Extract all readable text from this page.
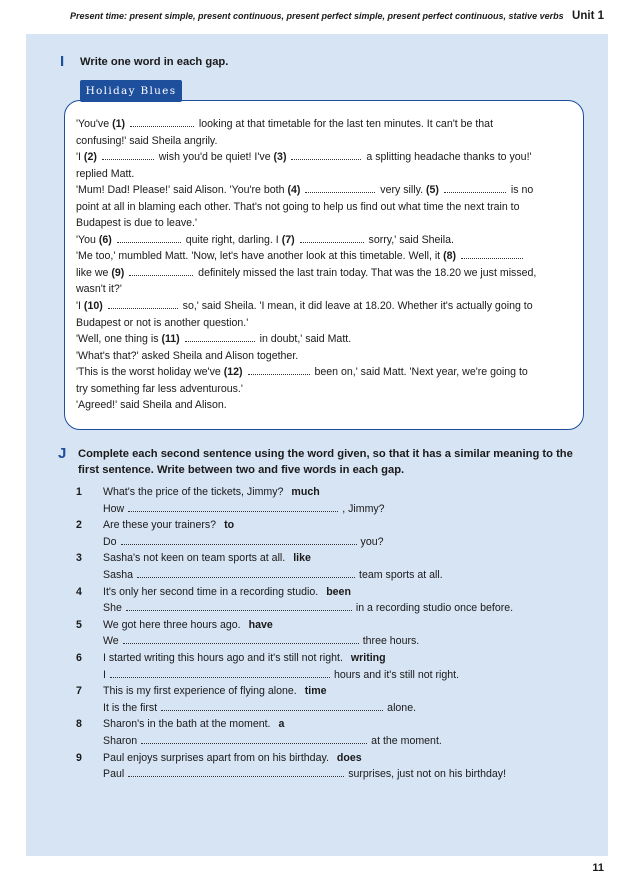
Present time: present simple, present continuous, present perfect simple, present perfect continuous, stative verbs Unit 1
I Write one word in each gap.
Holiday Blues
'You've (1)	looking at that timetable for the last ten minutes. It can't be that
confusing!' said Sheila angrily.
'I (2)	wish you'd be quiet! I've (3)	a splitting headache thanks to you!'
replied Matt.
'Mum! Dad! Please!' said Alison. 'You're both (4)	very silly. (5)	is no
point at all in blaming each other. That's not going to help us find out what time the next train to
Budapest is due to leave.'
'You (6)	quite right, darling. I (7)	sorry,' said Sheila.
'Me too,' mumbled Matt. 'Now, let's have another look at this timetable. Well, it (8)
like we (9)	definitely missed the last train today. That was the 18.20 we just missed,
wasn't it?'
'I (10)	so,' said Sheila. 'I mean, it did leave at 18.20. Whether it's actually going to
Budapest or not is another question.'
'Well, one thing is (11)	in doubt,' said Matt.
'What's that?' asked Sheila and Alison together.
'This is the worst holiday we've (12)	been on,' said Matt. 'Next year, we're going to
try something far less adventurous.'
'Agreed!' said Sheila and Alison.
J Complete each second sentence using the word given, so that it has a similar meaning to the
first sentence. Write between two and five words in each gap.
1	What's the price of the tickets, Jimmy? much
How	, Jimmy?
2	Are these your trainers? to
Do	you?
3	Sasha's not keen on team sports at all. like
Sasha	team sports at all.
4	It's only her second time in a recording studio. been
She	in a recording studio once before.
5	We got here three hours ago. have
We	three hours.
6	I started writing this hours ago and it's still not right. writing
I	hours and it's still not right.
7	This is my first experience of flying alone. time
It is the first	alone.
8	Sharon's in the bath at the moment. a
Sharon	at the moment.
9	Paul enjoys surprises apart from on his birthday. does
Paul	surprises, just not on his birthday!
11
